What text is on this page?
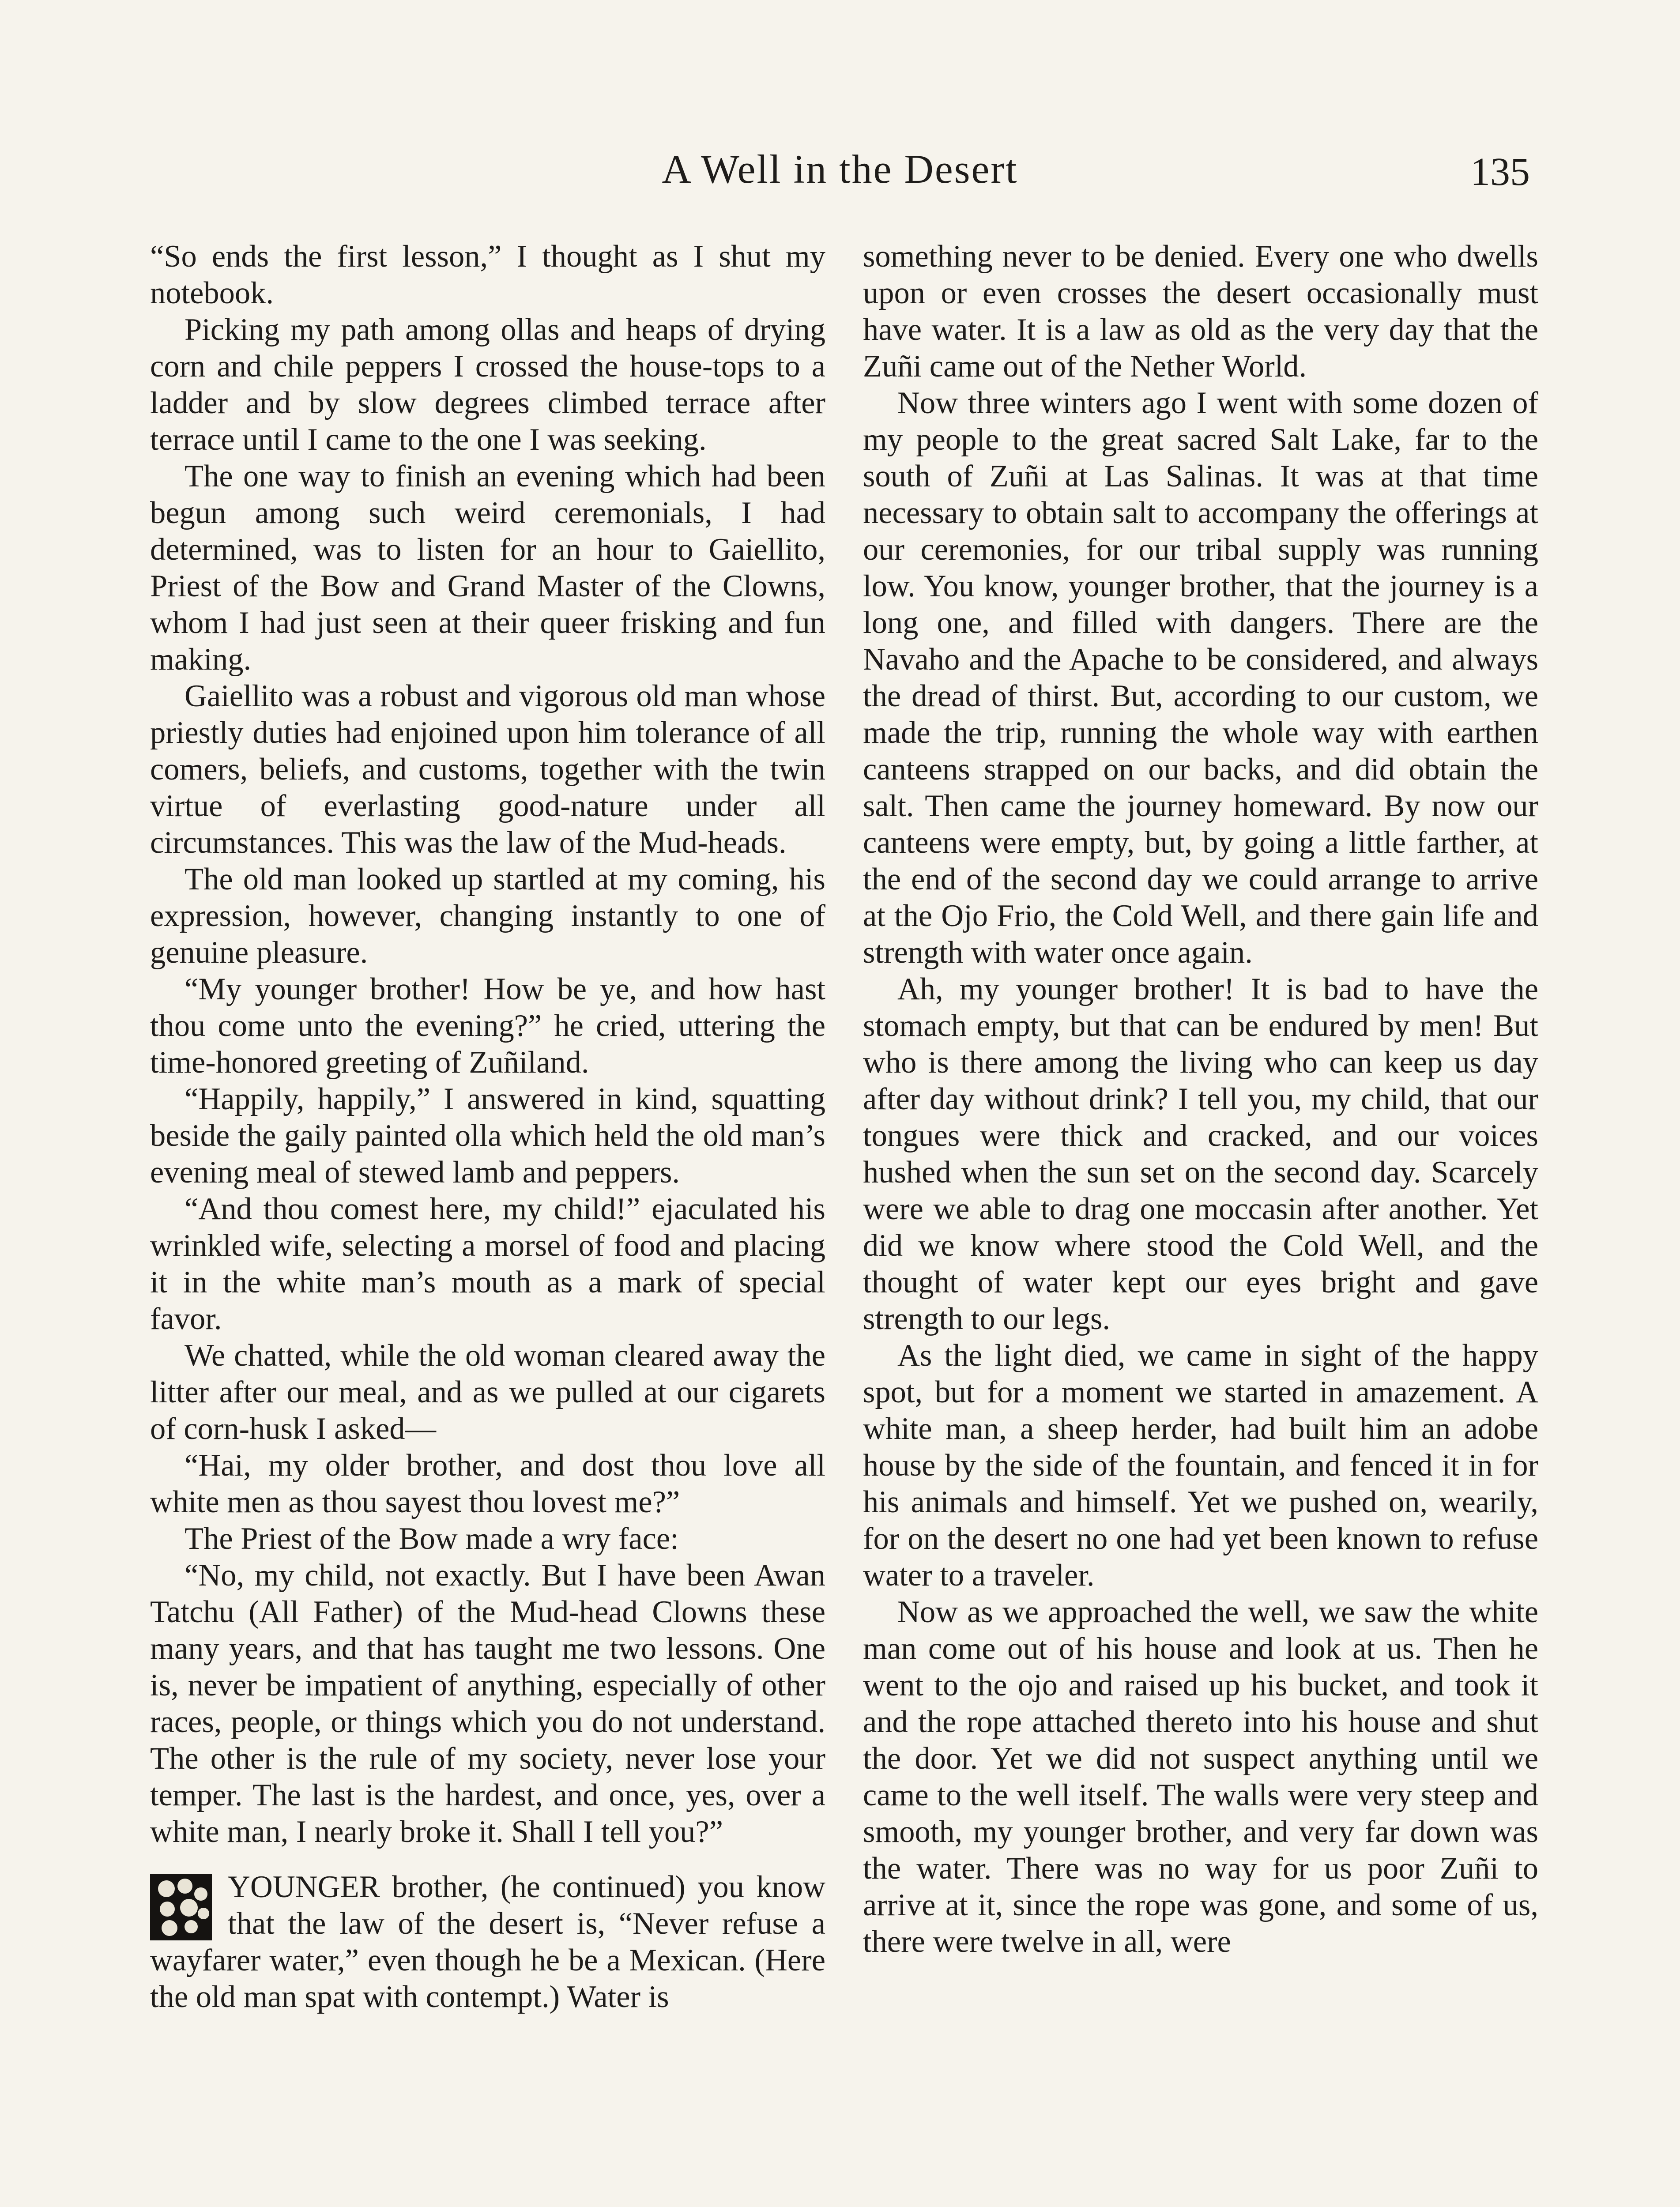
A Well in the Desert	135

“So ends the first lesson,” I thought as I shut my notebook.

Picking my path among ollas and heaps of drying corn and chile peppers I crossed the house-tops to a ladder and by slow degrees climbed terrace after terrace until I came to the one I was seeking.

The one way to finish an evening which had been begun among such weird ceremonials, I had determined, was to listen for an hour to Gaiellito, Priest of the Bow and Grand Master of the Clowns, whom I had just seen at their queer frisking and fun making.

Gaiellito was a robust and vigorous old man whose priestly duties had enjoined upon him tolerance of all comers, beliefs, and customs, together with the twin virtue of everlasting good-nature under all circumstances. This was the law of the Mud-heads.

The old man looked up startled at my coming, his expression, however, changing instantly to one of genuine pleasure.

“My younger brother! How be ye, and how hast thou come unto the evening?” he cried, uttering the time-honored greeting of Zuñiland.

“Happily, happily,” I answered in kind, squatting beside the gaily painted olla which held the old man’s evening meal of stewed lamb and peppers.

“And thou comest here, my child!” ejaculated his wrinkled wife, selecting a morsel of food and placing it in the white man’s mouth as a mark of special favor.

We chatted, while the old woman cleared away the litter after our meal, and as we pulled at our cigarets of corn-husk I asked—

“Hai, my older brother, and dost thou love all white men as thou sayest thou lovest me?”

The Priest of the Bow made a wry face:

“No, my child, not exactly. But I have been Awan Tatchu (All Father) of the Mud-head Clowns these many years, and that has taught me two lessons. One is, never be impatient of anything, especially of other races, people, or things which you do not understand. The other is the rule of my society, never lose your temper. The last is the hardest, and once, yes, over a white man, I nearly broke it. Shall I tell you?”

YOUNGER brother, (he continued) you know that the law of the desert is, “Never refuse a wayfarer water,” even though he be a Mexican. (Here the old man spat with contempt.) Water is

something never to be denied. Every one who dwells upon or even crosses the desert occasionally must have water. It is a law as old as the very day that the Zuñi came out of the Nether World.

Now three winters ago I went with some dozen of my people to the great sacred Salt Lake, far to the south of Zuñi at Las Salinas. It was at that time necessary to obtain salt to accompany the offerings at our ceremonies, for our tribal supply was running low. You know, younger brother, that the journey is a long one, and filled with dangers. There are the Navaho and the Apache to be considered, and always the dread of thirst. But, according to our custom, we made the trip, running the whole way with earthen canteens strapped on our backs, and did obtain the salt. Then came the journey homeward. By now our canteens were empty, but, by going a little farther, at the end of the second day we could arrange to arrive at the Ojo Frio, the Cold Well, and there gain life and strength with water once again.

Ah, my younger brother! It is bad to have the stomach empty, but that can be endured by men! But who is there among the living who can keep us day after day without drink? I tell you, my child, that our tongues were thick and cracked, and our voices hushed when the sun set on the second day. Scarcely were we able to drag one moccasin after another. Yet did we know where stood the Cold Well, and the thought of water kept our eyes bright and gave strength to our legs.

As the light died, we came in sight of the happy spot, but for a moment we started in amazement. A white man, a sheep herder, had built him an adobe house by the side of the fountain, and fenced it in for his animals and himself. Yet we pushed on, wearily, for on the desert no one had yet been known to refuse water to a traveler.

Now as we approached the well, we saw the white man come out of his house and look at us. Then he went to the ojo and raised up his bucket, and took it and the rope attached thereto into his house and shut the door. Yet we did not suspect anything until we came to the well itself. The walls were very steep and smooth, my younger brother, and very far down was the water. There was no way for us poor Zuñi to arrive at it, since the rope was gone, and some of us, there were twelve in all, were
